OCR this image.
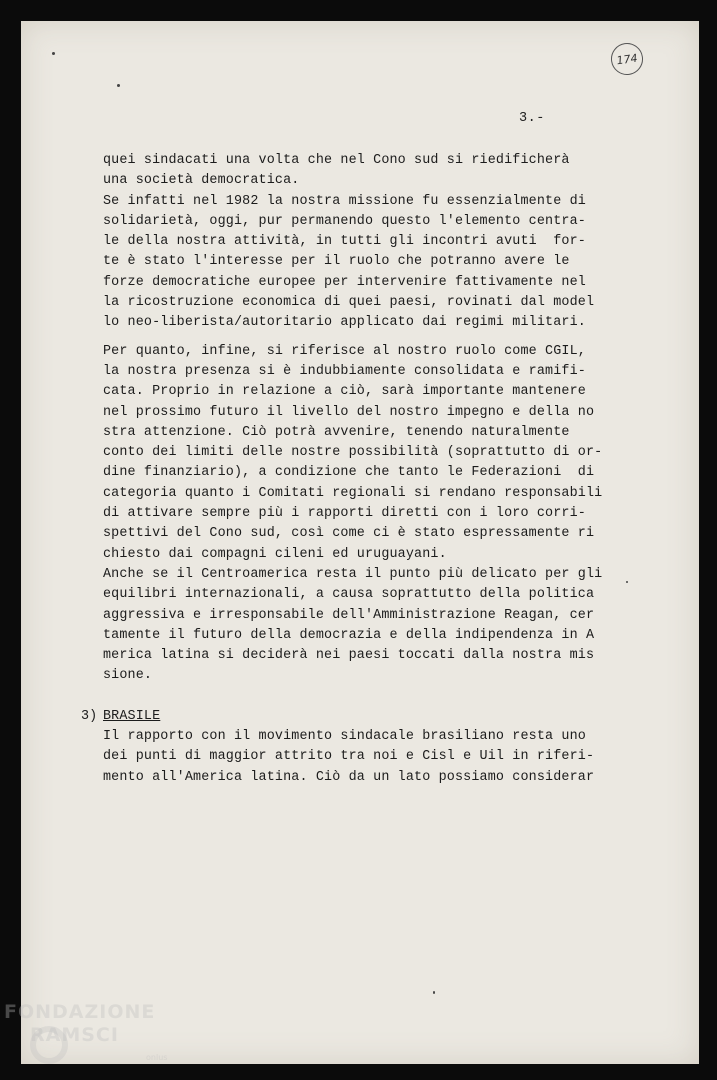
174
3.-
quei sindacati una volta che nel Cono sud si riedificherà
una società democratica.
Se infatti nel 1982 la nostra missione fu essenzialmente di
solidarietà, oggi, pur permanendo questo l'elemento centra-
le della nostra attività, in tutti gli incontri avuti  for-
te è stato l'interesse per il ruolo che potranno avere le
forze democratiche europee per intervenire fattivamente nel
la ricostruzione economica di quei paesi, rovinati dal model
lo neo-liberista/autoritario applicato dai regimi militari.
Per quanto, infine, si riferisce al nostro ruolo come CGIL,
la nostra presenza si è indubbiamente consolidata e ramifi-
cata. Proprio in relazione a ciò, sarà importante mantenere
nel prossimo futuro il livello del nostro impegno e della no
stra attenzione. Ciò potrà avvenire, tenendo naturalmente
conto dei limiti delle nostre possibilità (soprattutto di or-
dine finanziario), a condizione che tanto le Federazioni  di
categoria quanto i Comitati regionali si rendano responsabili
di attivare sempre più i rapporti diretti con i loro corri-
spettivi del Cono sud, così come ci è stato espressamente ri
chiesto dai compagni cileni ed uruguayani.
Anche se il Centroamerica resta il punto più delicato per gli
equilibri internazionali, a causa soprattutto della politica
aggressiva e irresponsabile dell'Amministrazione Reagan, cer
tamente il futuro della democrazia e della indipendenza in A
merica latina si deciderà nei paesi toccati dalla nostra mis
sione.
3) BRASILE
Il rapporto con il movimento sindacale brasiliano resta uno
dei punti di maggior attrito tra noi e Cisl e Uil in riferi-
mento all'America latina. Ciò da un lato possiamo considerar
FONDAZIONE
RAMSCI
onlus
